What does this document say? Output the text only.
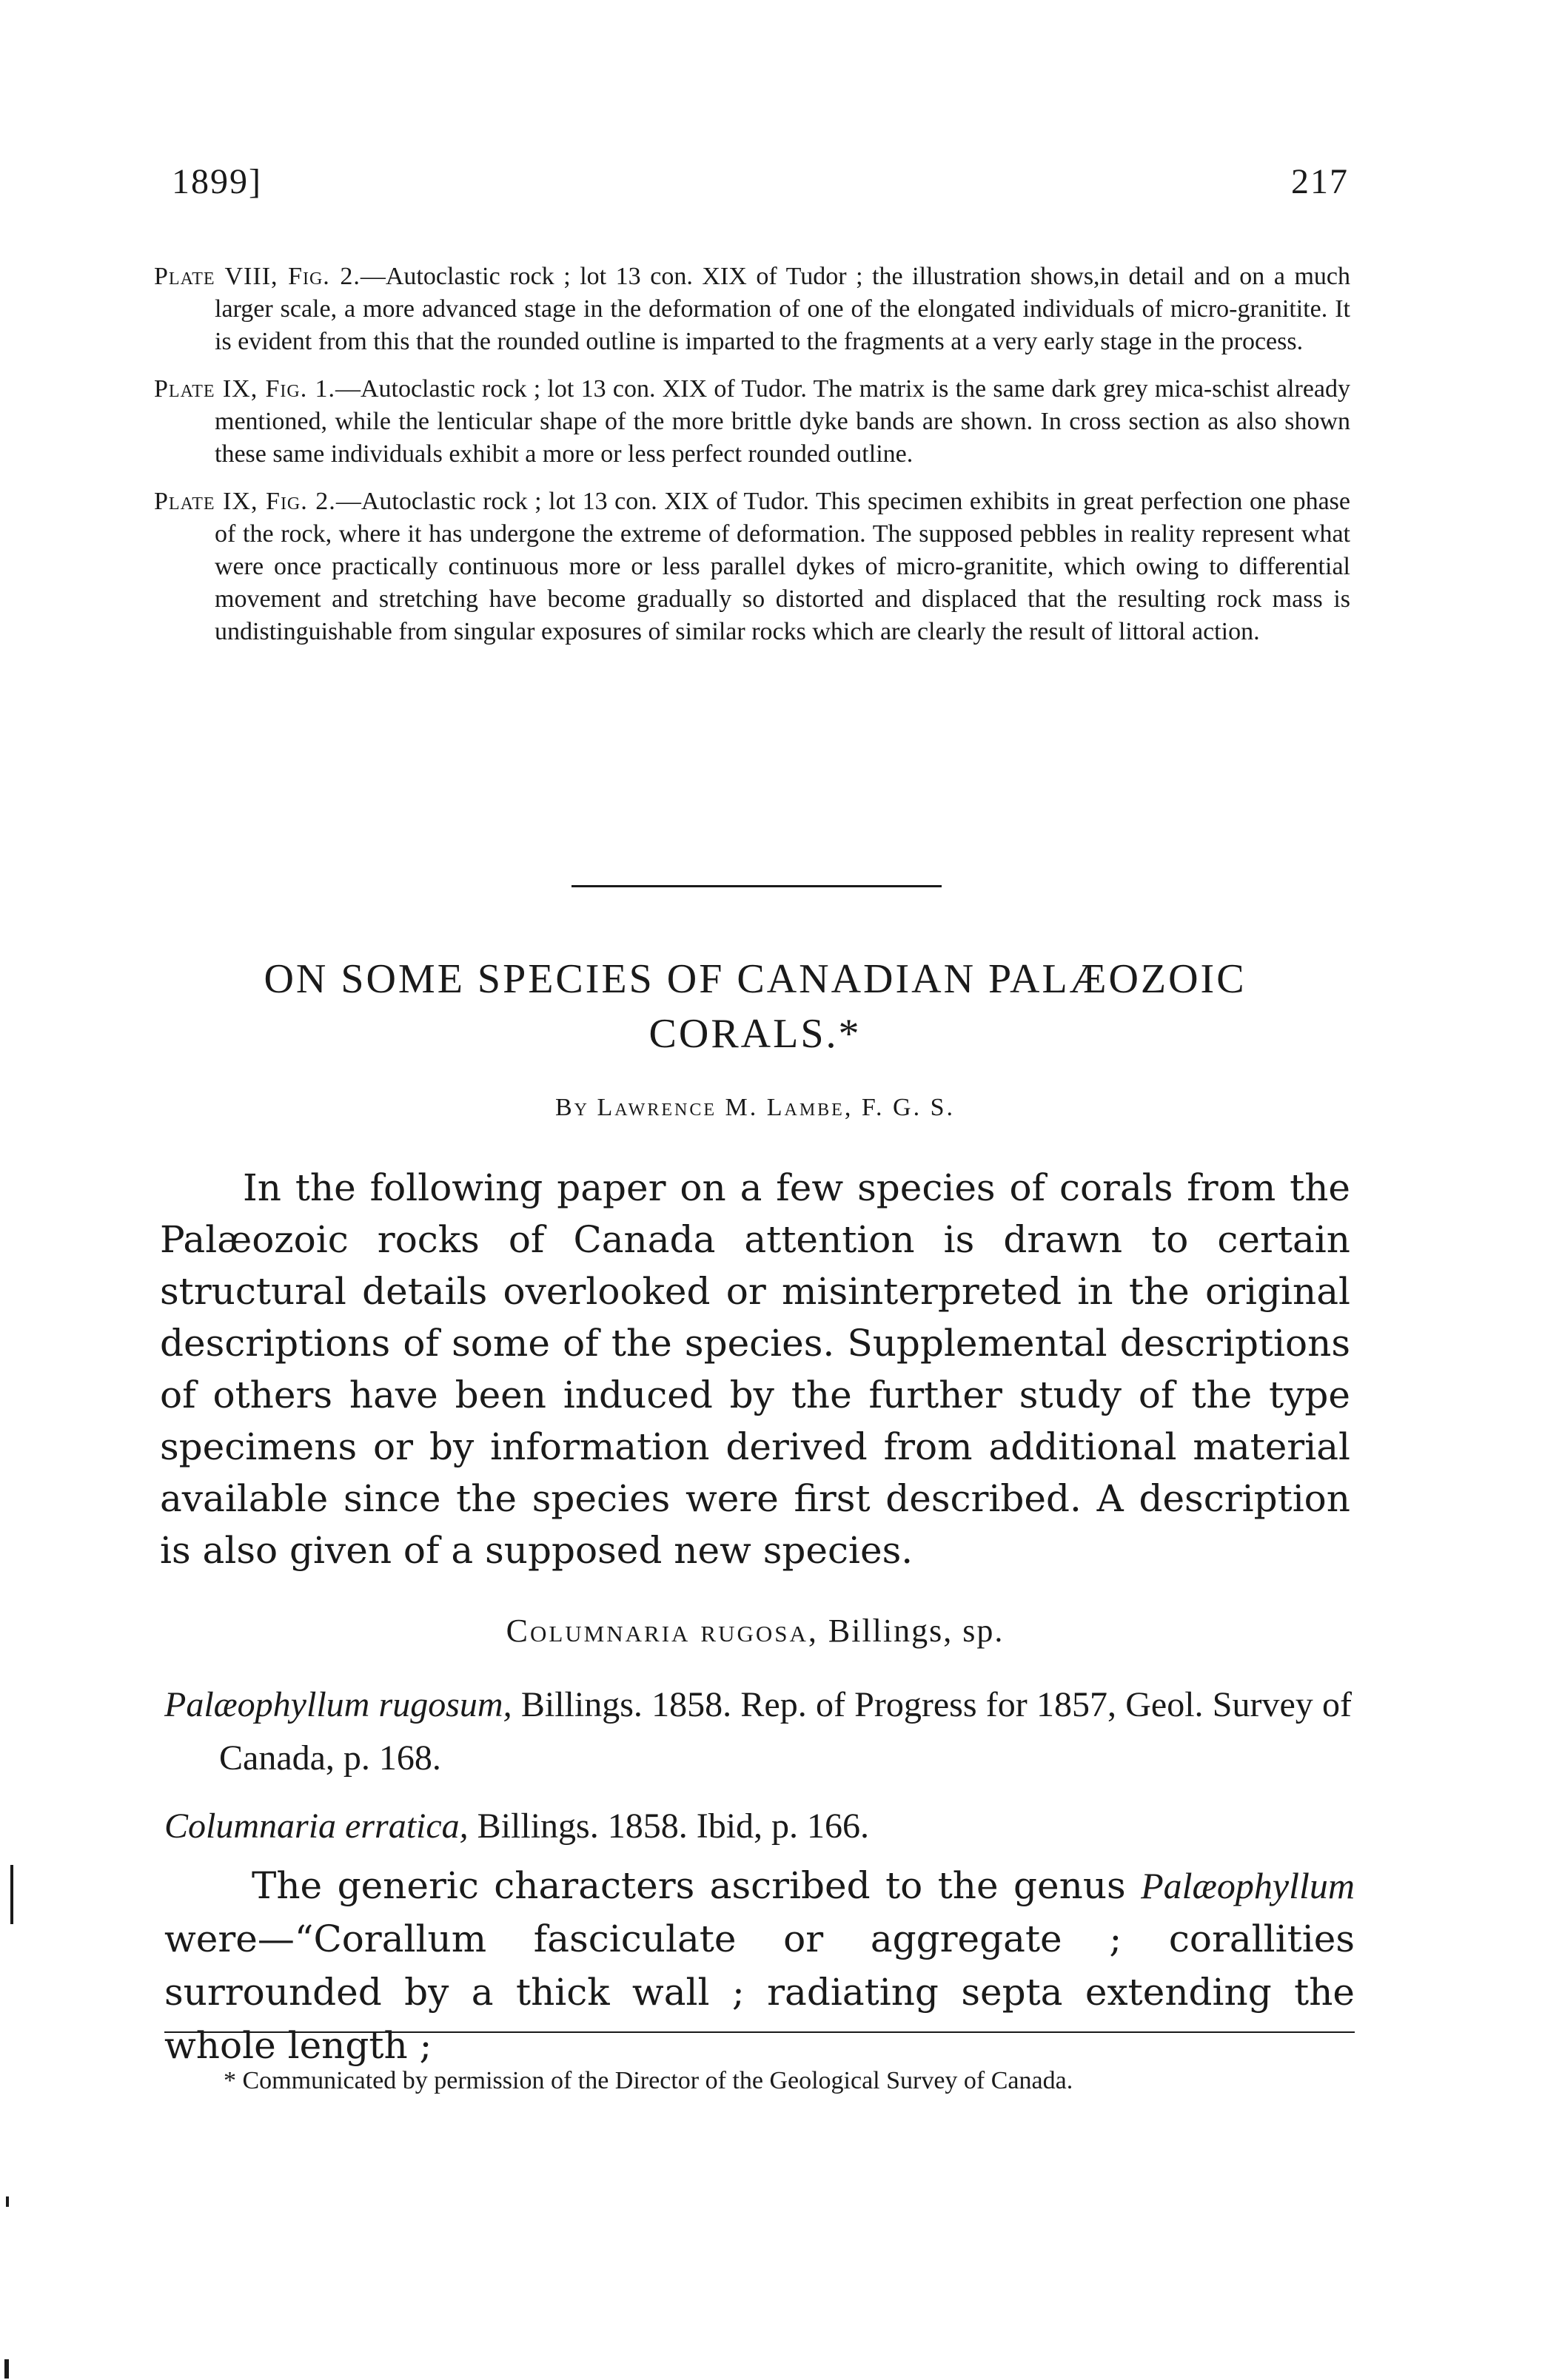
1899]	217

Plate VIII, Fig. 2.—Autoclastic rock ; lot 13 con. XIX of Tudor ; the illustration shows,in detail and on a much larger scale, a more advanced stage in the deformation of one of the elongated individuals of micro-granitite. It is evident from this that the rounded outline is imparted to the fragments at a very early stage in the process.

Plate IX, Fig. 1.—Autoclastic rock ; lot 13 con. XIX of Tudor. The matrix is the same dark grey mica-schist already mentioned, while the lenticular shape of the more brittle dyke bands are shown. In cross section as also shown these same individuals exhibit a more or less perfect rounded outline.

Plate IX, Fig. 2.—Autoclastic rock ; lot 13 con. XIX of Tudor. This specimen exhibits in great perfection one phase of the rock, where it has undergone the extreme of deformation. The supposed pebbles in reality represent what were once practically continuous more or less parallel dykes of micro-granitite, which owing to differential movement and stretching have become gradually so distorted and displaced that the resulting rock mass is undistinguishable from singular exposures of similar rocks which are clearly the result of littoral action.

ON SOME SPECIES OF CANADIAN PALÆOZOIC
CORALS.*
By Lawrence M. Lambe, F. G. S.

In the following paper on a few species of corals from the Palæozoic rocks of Canada attention is drawn to certain structural details overlooked or misinterpreted in the original descriptions of some of the species. Supplemental descriptions of others have been induced by the further study of the type specimens or by information derived from additional material available since the species were first described. A description is also given of a supposed new species.

Columnaria rugosa, Billings, sp.

Palæophyllum rugosum, Billings. 1858. Rep. of Progress for 1857, Geol. Survey of Canada, p. 168.

Columnaria erratica, Billings. 1858. Ibid, p. 166.

The generic characters ascribed to the genus Palæophyllum were—“Corallum fasciculate or aggregate ; corallities surrounded by a thick wall ; radiating septa extending the whole length ;

* Communicated by permission of the Director of the Geological Survey of Canada.
